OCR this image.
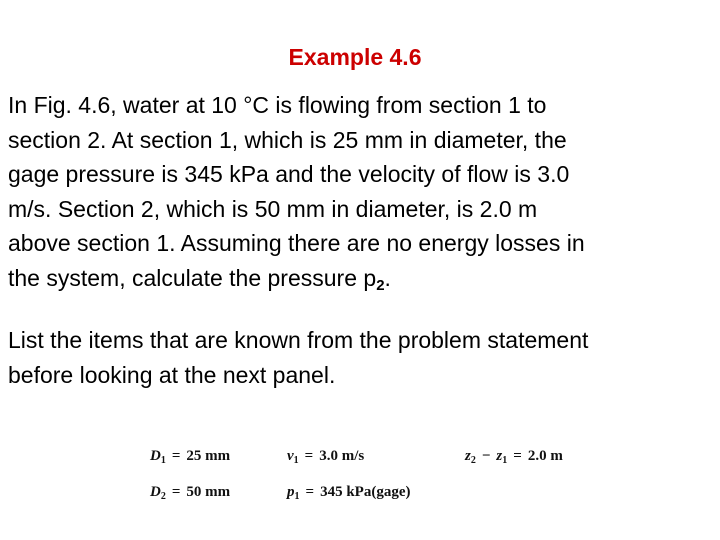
Example 4.6

In Fig. 4.6, water at 10 °C is flowing from section 1 to
section 2. At section 1, which is 25 mm in diameter, the
gage pressure is 345 kPa and the velocity of flow is 3.0
m/s. Section 2, which is 50 mm in diameter, is 2.0 m
above section 1. Assuming there are no energy losses in
the system, calculate the pressure $p_2$.

List the items that are known from the problem statement
before looking at the next panel.

$D_1 = 25$ mm	$v_1 = 3.0$ m/s	$z_2 - z_1 = 2.0$ m
$D_2 = 50$ mm	$p_1 = 345$ kPa(gage)
